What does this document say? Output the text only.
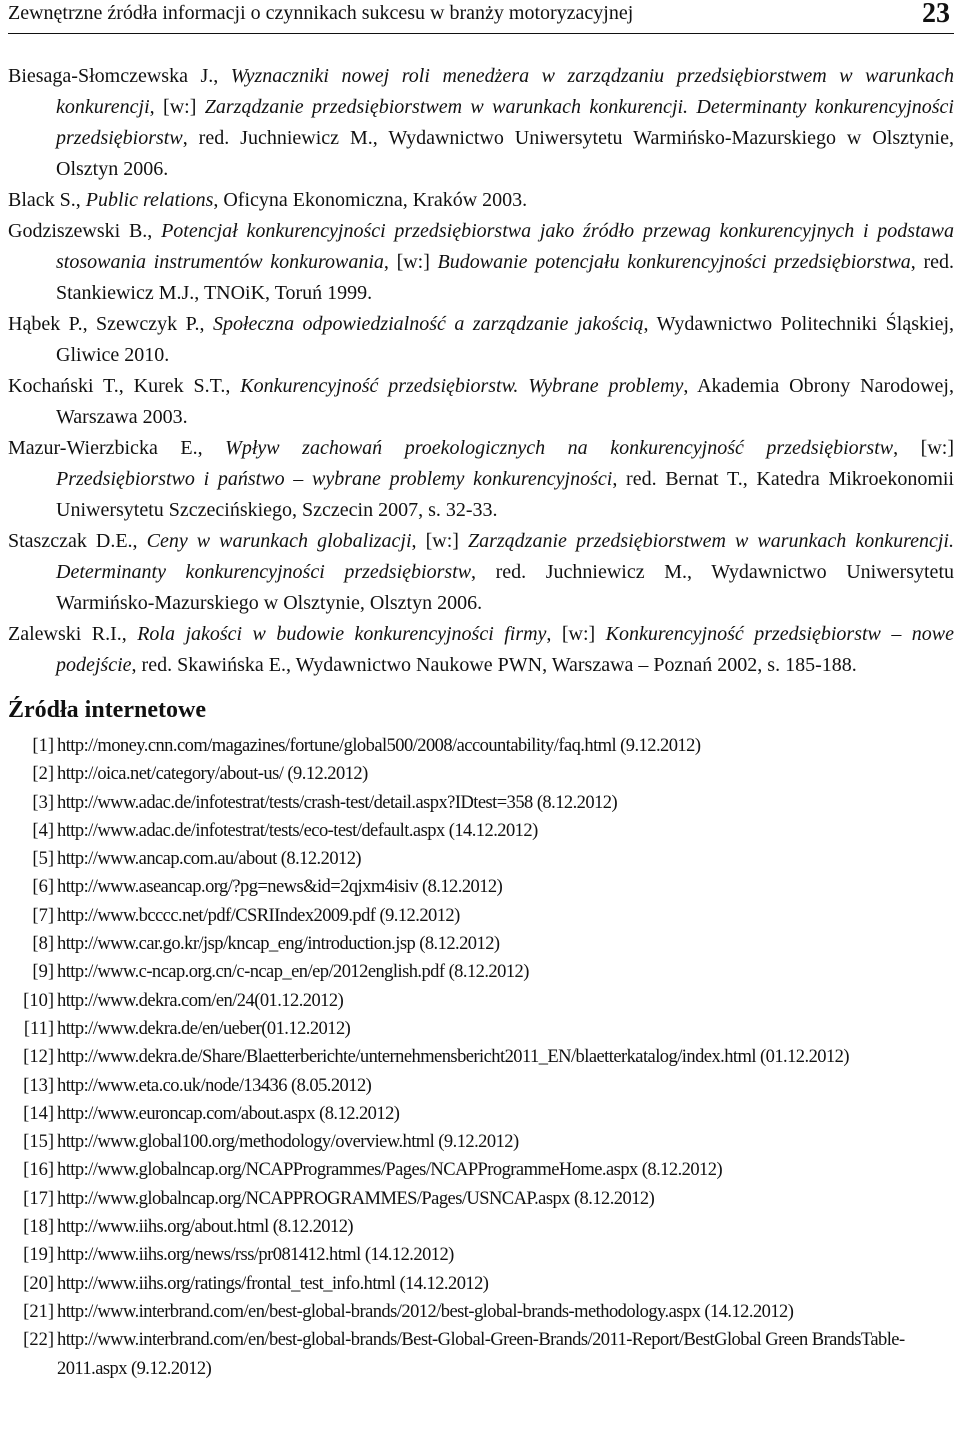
Zewnętrzne źródła informacji o czynnikach sukcesu w branży motoryzacyjnej	23
Biesaga-Słomczewska J., Wyznaczniki nowej roli menedżera w zarządzaniu przedsiębiorstwem w warunkach konkurencji, [w:] Zarządzanie przedsiębiorstwem w warunkach konkurencji. Determinanty konkurencyjności przedsiębiorstw, red. Juchniewicz M., Wydawnictwo Uniwersytetu Warmińsko-Mazurskiego w Olsztynie, Olsztyn 2006.
Black S., Public relations, Oficyna Ekonomiczna, Kraków 2003.
Godziszewski B., Potencjał konkurencyjności przedsiębiorstwa jako źródło przewag konkurencyjnych i podstawa stosowania instrumentów konkurowania, [w:] Budowanie potencjału konkurencyjności przedsiębiorstwa, red. Stankiewicz M.J., TNOiK, Toruń 1999.
Hąbek P., Szewczyk P., Społeczna odpowiedzialność a zarządzanie jakością, Wydawnictwo Politechniki Śląskiej, Gliwice 2010.
Kochański T., Kurek S.T., Konkurencyjność przedsiębiorstw. Wybrane problemy, Akademia Obrony Narodowej, Warszawa 2003.
Mazur-Wierzbicka E., Wpływ zachowań proekologicznych na konkurencyjność przedsiębiorstw, [w:] Przedsiębiorstwo i państwo – wybrane problemy konkurencyjności, red. Bernat T., Katedra Mikroekonomii Uniwersytetu Szczecińskiego, Szczecin 2007, s. 32-33.
Staszczak D.E., Ceny w warunkach globalizacji, [w:] Zarządzanie przedsiębiorstwem w warunkach konkurencji. Determinanty konkurencyjności przedsiębiorstw, red. Juchniewicz M., Wydawnictwo Uniwersytetu Warmińsko-Mazurskiego w Olsztynie, Olsztyn 2006.
Zalewski R.I., Rola jakości w budowie konkurencyjności firmy, [w:] Konkurencyjność przedsiębiorstw – nowe podejście, red. Skawińska E., Wydawnictwo Naukowe PWN, Warszawa – Poznań 2002, s. 185-188.
Źródła internetowe
[1] http://money.cnn.com/magazines/fortune/global500/2008/accountability/faq.html (9.12.2012)
[2] http://oica.net/category/about-us/ (9.12.2012)
[3] http://www.adac.de/infotestrat/tests/crash-test/detail.aspx?IDtest=358 (8.12.2012)
[4] http://www.adac.de/infotestrat/tests/eco-test/default.aspx (14.12.2012)
[5] http://www.ancap.com.au/about (8.12.2012)
[6] http://www.aseancap.org/?pg=news&id=2qjxm4isiv (8.12.2012)
[7] http://www.bcccc.net/pdf/CSRIIndex2009.pdf (9.12.2012)
[8] http://www.car.go.kr/jsp/kncap_eng/introduction.jsp (8.12.2012)
[9] http://www.c-ncap.org.cn/c-ncap_en/ep/2012english.pdf (8.12.2012)
[10] http://www.dekra.com/en/24(01.12.2012)
[11] http://www.dekra.de/en/ueber(01.12.2012)
[12] http://www.dekra.de/Share/Blaetterberichte/unternehmensbericht2011_EN/blaetterkatalog/index.html (01.12.2012)
[13] http://www.eta.co.uk/node/13436 (8.05.2012)
[14] http://www.euroncap.com/about.aspx (8.12.2012)
[15] http://www.global100.org/methodology/overview.html (9.12.2012)
[16] http://www.globalncap.org/NCAPProgrammes/Pages/NCAPProgrammeHome.aspx (8.12.2012)
[17] http://www.globalncap.org/NCAPPROGRAMMES/Pages/USNCAP.aspx (8.12.2012)
[18] http://www.iihs.org/about.html (8.12.2012)
[19] http://www.iihs.org/news/rss/pr081412.html (14.12.2012)
[20] http://www.iihs.org/ratings/frontal_test_info.html (14.12.2012)
[21] http://www.interbrand.com/en/best-global-brands/2012/best-global-brands-methodology.aspx (14.12.2012)
[22] http://www.interbrand.com/en/best-global-brands/Best-Global-Green-Brands/2011-Report/BestGlobal Green BrandsTable-2011.aspx (9.12.2012)
